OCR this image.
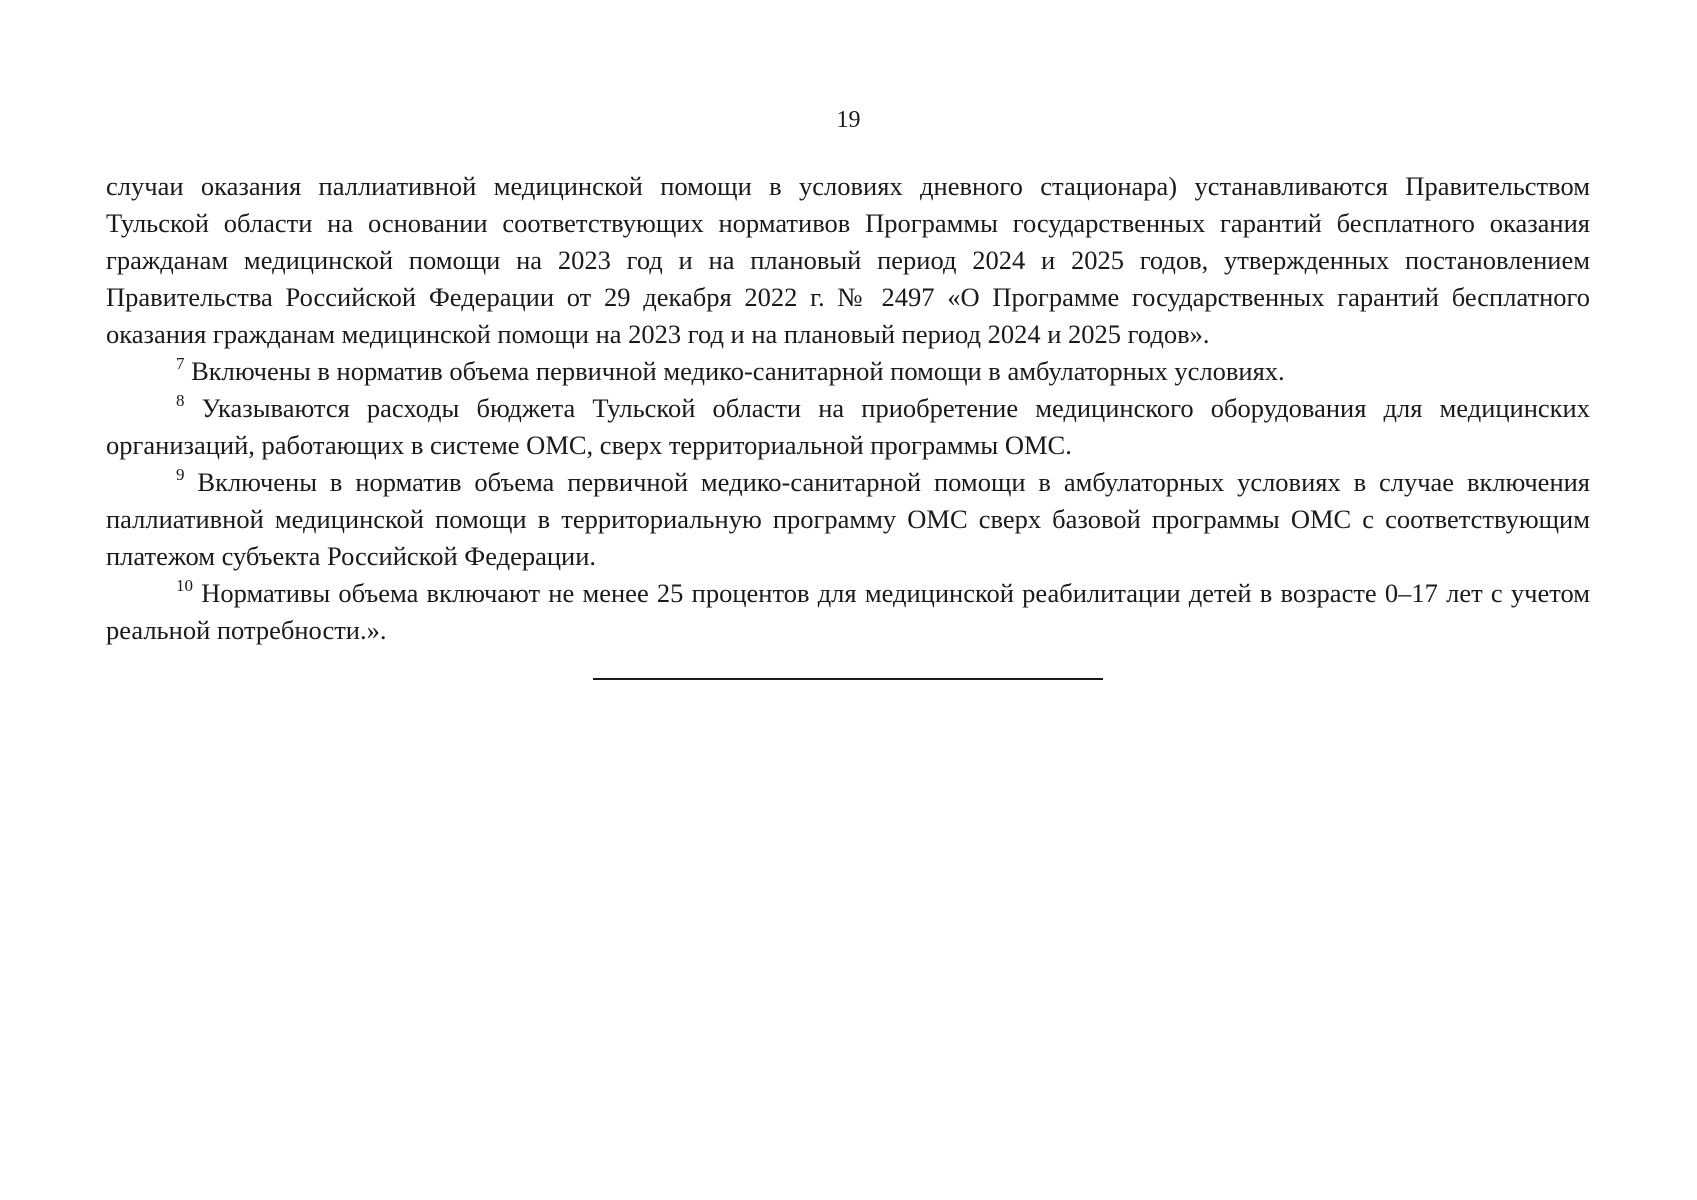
19

случаи оказания паллиативной медицинской помощи в условиях дневного стационара) устанавливаются Правительством Тульской области на основании соответствующих нормативов Программы государственных гарантий бесплатного оказания гражданам медицинской помощи на 2023 год и на плановый период 2024 и 2025 годов, утвержденных постановлением Правительства Российской Федерации от 29 декабря 2022 г. № 2497 «О Программе государственных гарантий бесплатного оказания гражданам медицинской помощи на 2023 год и на плановый период 2024 и 2025 годов».

$^7$ Включены в норматив объема первичной медико-санитарной помощи в амбулаторных условиях.

$^8$ Указываются расходы бюджета Тульской области на приобретение медицинского оборудования для медицинских организаций, работающих в системе ОМС, сверх территориальной программы ОМС.

$^9$ Включены в норматив объема первичной медико-санитарной помощи в амбулаторных условиях в случае включения паллиативной медицинской помощи в территориальную программу ОМС сверх базовой программы ОМС с соответствующим платежом субъекта Российской Федерации.

$^{10}$ Нормативы объема включают не менее 25 процентов для медицинской реабилитации детей в возрасте 0–17 лет с учетом реальной потребности.».
